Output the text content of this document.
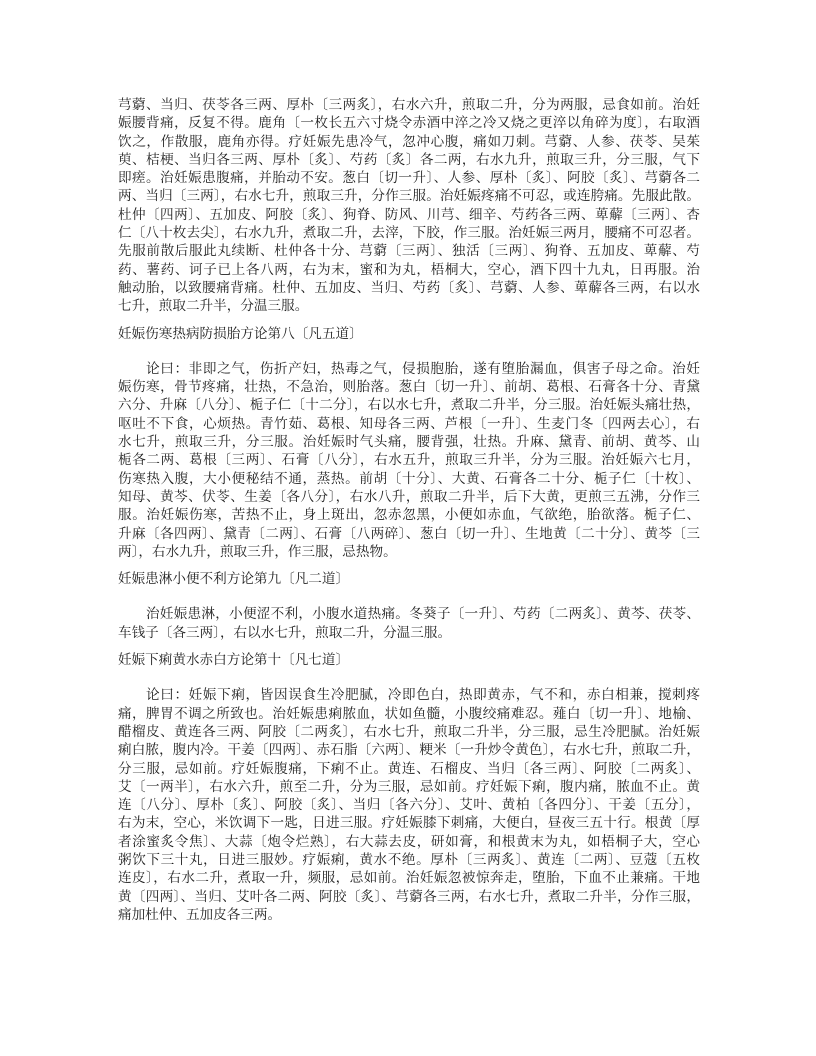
芎藭、当归、茯苓各三两、厚朴〔三两炙〕，右水六升，煎取二升，分为两服，忌食如前。治妊
娠腰背痛，反复不得。鹿角〔一枚长五六寸烧令赤酒中淬之冷又烧之更淬以角碎为度〕，右取酒
饮之，作散服，鹿角亦得。疗妊娠先患冷气，忽冲心腹，痛如刀刺。芎藭、人参、茯苓、吴茱
萸、桔梗、当归各三两、厚朴〔炙〕、芍药〔炙〕各二两，右水九升，煎取三升，分三服，气下
即瘥。治妊娠患腹痛，并胎动不安。葱白〔切一升〕、人参、厚朴〔炙〕、阿胶〔炙〕、芎藭各二
两、当归〔三两〕，右水七升，煎取三升，分作三服。治妊娠疼痛不可忍，或连胯痛。先服此散。
杜仲〔四两〕、五加皮、阿胶〔炙〕、狗脊、防风、川芎、细辛、芍药各三两、萆薢〔三两〕、杏
仁〔八十枚去尖〕，右水九升，煮取二升，去滓，下胶，作三服。治妊娠三两月，腰痛不可忍者。
先服前散后服此丸续断、杜仲各十分、芎藭〔三两〕、独活〔三两〕、狗脊、五加皮、萆薢、芍
药、薯药、诃子已上各八两，右为末，蜜和为丸，梧桐大，空心，酒下四十九丸，日再服。治
触动胎，以致腰痛背痛。杜仲、五加皮、当归、芍药〔炙〕、芎藭、人参、萆薢各三两，右以水
七升，煎取二升半，分温三服。
妊娠伤寒热病防损胎方论第八〔凡五道〕
论曰：非即之气，伤折产妇，热毒之气，侵损胞胎，遂有堕胎漏血，俱害子母之命。治妊
娠伤寒，骨节疼痛，壮热，不急治，则胎落。葱白〔切一升〕、前胡、葛根、石膏各十分、青黛
六分、升麻〔八分〕、栀子仁〔十二分〕，右以水七升，煮取二升半，分三服。治妊娠头痛壮热，
呕吐不下食，心烦热。青竹茹、葛根、知母各三两、芦根〔一升〕、生麦门冬〔四两去心〕，右
水七升，煎取三升，分三服。治妊娠时气头痛，腰背强，壮热。升麻、黛青、前胡、黄芩、山
栀各二两、葛根〔三两〕、石膏〔八分〕，右水五升，煎取三升半，分为三服。治妊娠六七月，
伤寒热入腹，大小便秘结不通，蒸热。前胡〔十分〕、大黄、石膏各二十分、栀子仁〔十枚〕、
知母、黄芩、伏苓、生姜〔各八分〕，右水八升，煎取二升半，后下大黄，更煎三五沸，分作三
服。治妊娠伤寒，苦热不止，身上斑出，忽赤忽黑，小便如赤血，气欲绝，胎欲落。栀子仁、
升麻〔各四两〕、黛青〔二两〕、石膏〔八两碎〕、葱白〔切一升〕、生地黄〔二十分〕、黄芩〔三
两〕，右水九升，煎取三升，作三服，忌热物。
妊娠患淋小便不利方论第九〔凡二道〕
治妊娠患淋，小便涩不利，小腹水道热痛。冬葵子〔一升〕、芍药〔二两炙〕、黄芩、茯苓、
车钱子〔各三两〕，右以水七升，煎取二升，分温三服。
妊娠下痢黄水赤白方论第十〔凡七道〕
论曰：妊娠下痢，皆因误食生冷肥腻，冷即色白，热即黄赤，气不和，赤白相兼，搅刺疼
痛，脾胃不调之所致也。治妊娠患痢脓血，状如鱼髓，小腹绞痛难忍。薤白〔切一升〕、地榆、
醋榴皮、黄连各三两、阿胶〔二两炙〕，右水七升，煎取二升半，分三服，忌生冷肥腻。治妊娠
痢白脓，腹内冷。干姜〔四两〕、赤石脂〔六两〕、粳米〔一升炒令黄色〕，右水七升，煎取二升，
分三服，忌如前。疗妊娠腹痛，下痢不止。黄连、石榴皮、当归〔各三两〕、阿胶〔二两炙〕、
艾〔一两半〕，右水六升，煎至二升，分为三服，忌如前。疗妊娠下痢，腹内痛，脓血不止。黄
连〔八分〕、厚朴〔炙〕、阿胶〔炙〕、当归〔各六分〕、艾叶、黄柏〔各四分〕、干姜〔五分〕，
右为末，空心，米饮调下一匙，日进三服。疗妊娠膝下刺痛，大便白，昼夜三五十行。根黄〔厚
者涂蜜炙令焦〕、大蒜〔炮令烂熟〕，右大蒜去皮，研如膏，和根黄末为丸，如梧桐子大，空心
粥饮下三十丸，日进三服妙。疗娠痢，黄水不绝。厚朴〔三两炙〕、黄连〔二两〕、豆蔻〔五枚
连皮〕，右水二升，煮取一升，频服，忌如前。治妊娠忽被惊奔走，堕胎，下血不止兼痛。干地
黄〔四两〕、当归、艾叶各二两、阿胶〔炙〕、芎藭各三两，右水七升，煮取二升半，分作三服，
痛加杜仲、五加皮各三两。
